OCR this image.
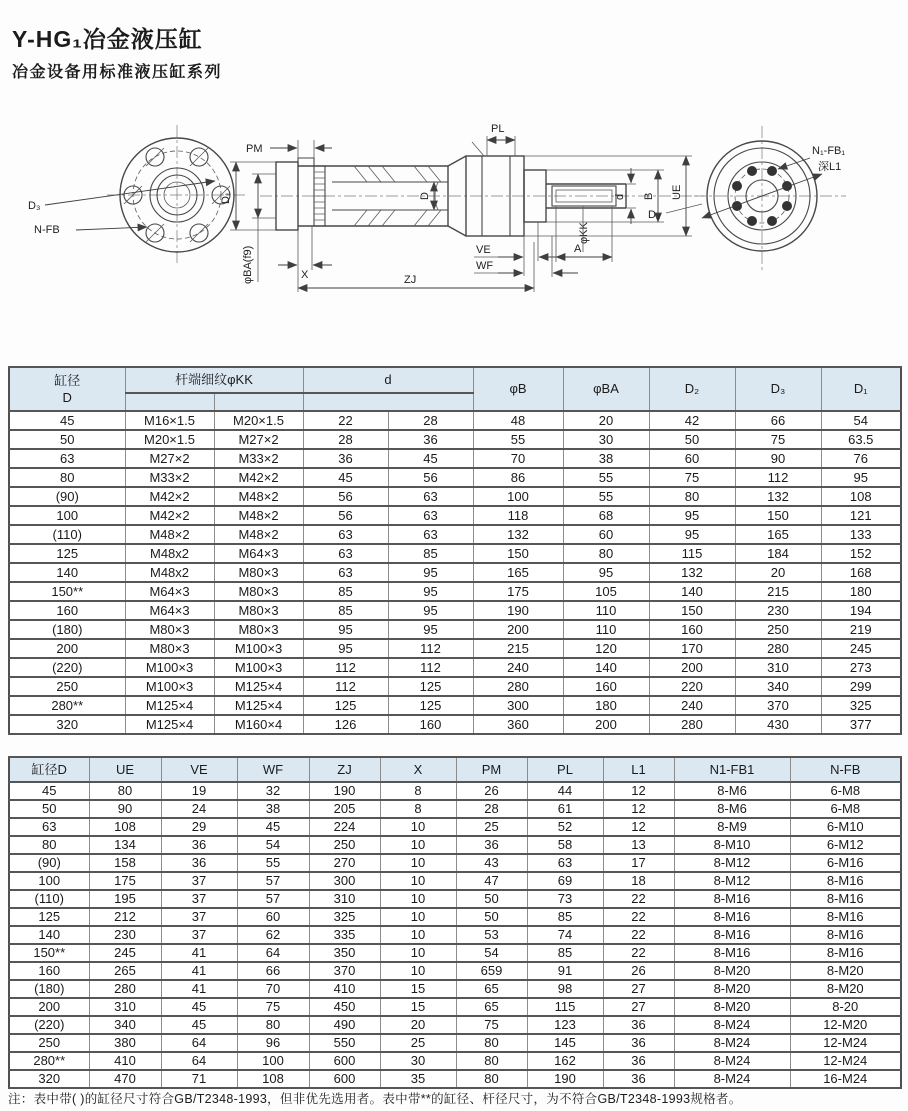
Y-HG₁冶金液压缸
冶金设备用标准液压缸系列
D₃
N-FB
PM
PL
D₁
φBA(f9)	X	ZJ
D
VE
WF
A
d
φKK
B UE
N₁-FB₁
深L1
D₂
缸径
D	杆端细纹φKK		d		φB	φBA	D₂	D₃	D₁

45	M16×1.5	M20×1.5	22	28	48	20	42	66	54
50	M20×1.5	M27×2	28	36	55	30	50	75	63.5
63	M27×2	M33×2	36	45	70	38	60	90	76
80	M33×2	M42×2	45	56	86	55	75	112	95
(90)	M42×2	M48×2	56	63	100	55	80	132	108
100	M42×2	M48×2	56	63	118	68	95	150	121
(110)	M48×2	M48×2	63	63	132	60	95	165	133
125	M48x2	M64×3	63	85	150	80	115	184	152
140	M48x2	M80×3	63	95	165	95	132	20	168
150**	M64×3	M80×3	85	95	175	105	140	215	180
160	M64×3	M80×3	85	95	190	110	150	230	194
(180)	M80×3	M80×3	95	95	200	110	160	250	219
200	M80×3	M100×3	95	112	215	120	170	280	245
(220)	M100×3	M100×3	112	112	240	140	200	310	273
250	M100×3	M125×4	112	125	280	160	220	340	299
280**	M125×4	M125×4	125	125	300	180	240	370	325
320	M125×4	M160×4	126	160	360	200	280	430	377
缸径D	UE	VE	WF	ZJ	X	PM	PL	L1	N1-FB1	N-FB
45	80	19	32	190	8	26	44	12	8-M6	6-M8
50	90	24	38	205	8	28	61	12	8-M6	6-M8
63	108	29	45	224	10	25	52	12	8-M9	6-M10
80	134	36	54	250	10	36	58	13	8-M10	6-M12
(90)	158	36	55	270	10	43	63	17	8-M12	6-M16
100	175	37	57	300	10	47	69	18	8-M12	8-M16
(110)	195	37	57	310	10	50	73	22	8-M16	8-M16
125	212	37	60	325	10	50	85	22	8-M16	8-M16
140	230	37	62	335	10	53	74	22	8-M16	8-M16
150**	245	41	64	350	10	54	85	22	8-M16	8-M16
160	265	41	66	370	10	659	91	26	8-M20	8-M20
(180)	280	41	70	410	15	65	98	27	8-M20	8-M20
200	310	45	75	450	15	65	115	27	8-M20	8-20
(220)	340	45	80	490	20	75	123	36	8-M24	12-M20
250	380	64	96	550	25	80	145	36	8-M24	12-M24
280**	410	64	100	600	30	80	162	36	8-M24	12-M24
320	470	71	108	600	35	80	190	36	8-M24	16-M24
注：表中带( )的缸径尺寸符合GB/T2348-1993，但非优先选用者。表中带**的缸径、杆径尺寸，为不符合GB/T2348-1993规格者。
